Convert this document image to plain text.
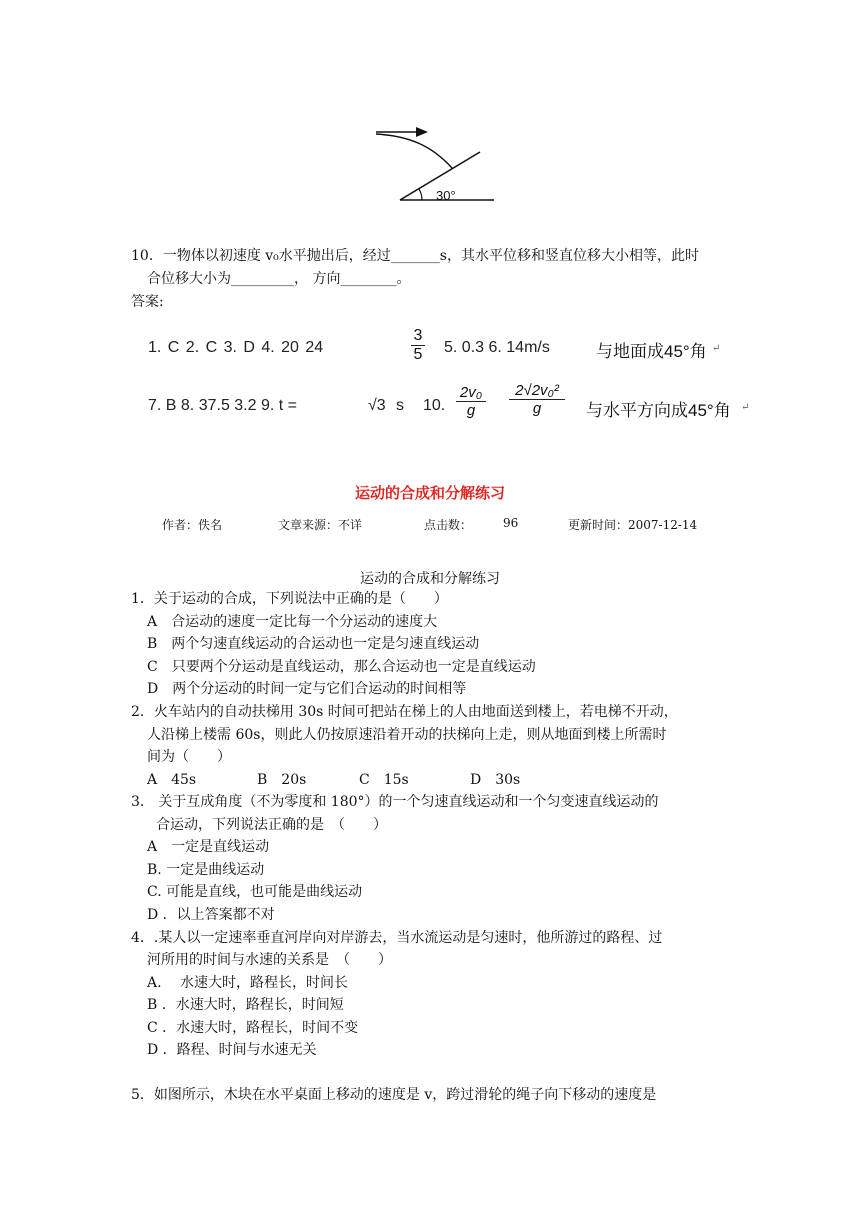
30°
10．一物体以初速度 v₀水平抛出后，经过_______s，其水平位移和竖直位移大小相等，此时
合位移大小为_________， 方向________。
答案:
1. C 2. C 3. D 4. 20 24
3
5 5. 0.3 6. 14m/s	与地面成45°角 ↵
7. B 8. 37.5 3.2 9. t =	√3 s 10.
2v₀
g
2√2v₀²
g	与水平方向成45°角 ↵
运动的合成和分解练习
作者：佚名	文章来源：不详	点击数：	96	更新时间：2007-12-14
运动的合成和分解练习
1．关于运动的合成，下列说法中正确的是（　　）
A　合运动的速度一定比每一个分运动的速度大
B　两个匀速直线运动的合运动也一定是匀速直线运动
C　只要两个分运动是直线运动，那么合运动也一定是直线运动
D　两个分运动的时间一定与它们合运动的时间相等
2．火车站内的自动扶梯用 30s 时间可把站在梯上的人由地面送到楼上，若电梯不开动，
人沿梯上楼需 60s，则此人仍按原速沿着开动的扶梯向上走，则从地面到楼上所需时
间为（　　）
A　45s	B　20s	C　15s	D　30s
3． 关于互成角度（不为零度和 180°）的一个匀速直线运动和一个匀变速直线运动的
合运动，下列说法正确的是　（　　）
A　一定是直线运动
B. 一定是曲线运动
C. 可能是直线，也可能是曲线运动
D ．以上答案都不对
4．.某人以一定速率垂直河岸向对岸游去，当水流运动是匀速时，他所游过的路程、过
河所用的时间与水速的关系是　（　　）
A.　 水速大时，路程长，时间长
B ．水速大时，路程长，时间短
C ．水速大时，路程长，时间不变
D ．路程、时间与水速无关
5．如图所示，木块在水平桌面上移动的速度是 v，跨过滑轮的绳子向下移动的速度是
